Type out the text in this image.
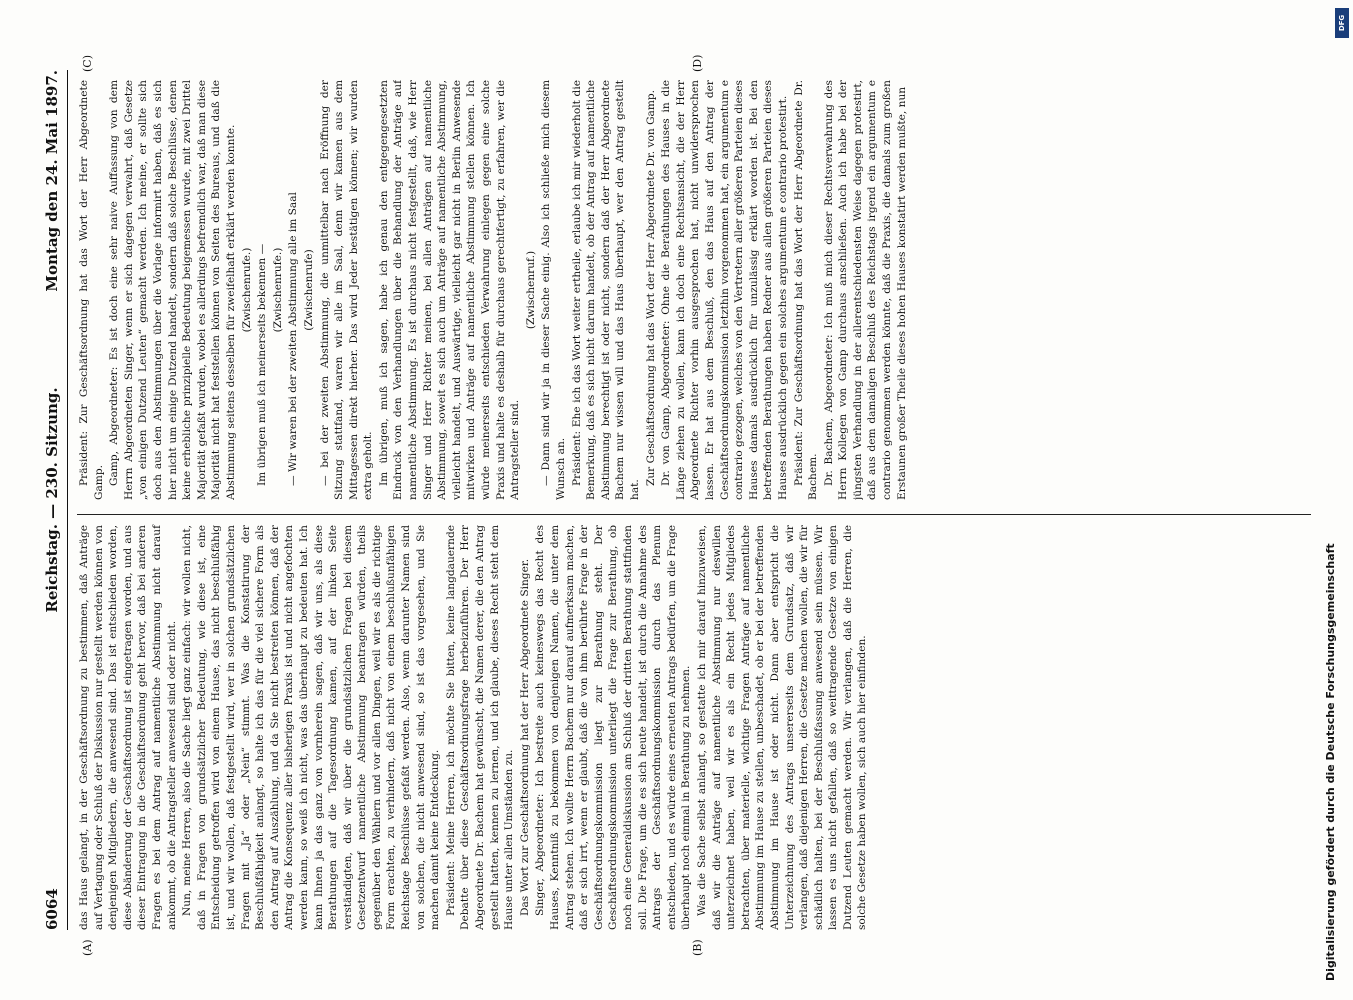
6064
Reichstag. — 230. Sitzung.
Montag den 24. Mai 1897.
(A)	(B)
(C)	(D)

das Haus gelangt, in der Geschäftsordnung zu bestimmen, daß Anträge auf Vertagung oder Schluß der Diskussion nur gestellt werden können von denjenigen Mitgliedern, die anwesend sind. Das ist entschieden worden, diese Abänderung der Geschäftsordnung ist eingetragen worden, und aus dieser Eintragung in die Geschäftsordnung geht hervor, daß bei anderen Fragen es bei dem Antrag auf namentliche Abstimmung nicht darauf ankommt, ob die Antragsteller anwesend sind oder nicht. Nun, meine Herren, also die Sache liegt ganz einfach: wir wollen nicht, daß in Fragen von grundsätzlicher Bedeutung, wie diese ist, eine Entscheidung getroffen wird von einem Hause, das nicht beschlußfähig ist, und wir wollen, daß festgestellt wird, wer in solchen grundsätzlichen Fragen mit „Ja“ oder „Nein“ stimmt. Was die Konstatirung der Beschlußfähigkeit anlangt, so halte ich das für die viel sichere Form als den Antrag auf Auszählung, und da Sie nicht bestreiten können, daß der Antrag die Konsequenz aller bisherigen Praxis ist und nicht angefochten werden kann, so weiß ich nicht, was das überhaupt zu bedeuten hat. Ich kann Ihnen ja das ganz von vornherein sagen, daß wir uns, als diese Berathungen auf die Tagesordnung kamen, auf der linken Seite verständigten, daß wir über die grundsätzlichen Fragen bei diesem Gesetzentwurf namentliche Abstimmung beantragen würden, theils gegenüber den Wählern und vor allen Dingen, weil wir es als die richtige Form erachten, zu verhindern, daß nicht von einem beschlußunfähigen Reichstage Beschlüsse gefaßt werden. Also, wenn darunter Namen sind von solchen, die nicht anwesend sind, so ist das vorgesehen, und Sie machen damit keine Entdeckung. Präsident: Meine Herren, ich möchte Sie bitten, keine langdauernde Debatte über diese Geschäftsordnungsfrage herbeizuführen. Der Herr Abgeordnete Dr. Bachem hat gewünscht, die Namen derer, die den Antrag gestellt hatten, kennen zu lernen, und ich glaube, dieses Recht steht dem Hause unter allen Umständen zu. Das Wort zur Geschäftsordnung hat der Herr Abgeordnete Singer. Singer, Abgeordneter: Ich bestreite auch keineswegs das Recht des Hauses, Kenntniß zu bekommen von denjenigen Namen, die unter dem Antrag stehen. Ich wollte Herrn Bachem nur darauf aufmerksam machen, daß er sich irrt, wenn er glaubt, daß die von ihm berührte Frage in der Geschäftsordnungskommission liegt zur Berathung steht. Der Geschäftsordnungskommission unterliegt die Frage zur Berathung, ob noch eine Generaldiskussion am Schluß der dritten Berathung stattfinden soll. Die Frage, um die es sich heute handelt, ist durch die Annahme des Antrags der Geschäftsordnungskommission durch das Plenum entschieden, und es würde eines erneuten Antrags bedürfen, um die Frage überhaupt noch einmal in Berathung zu nehmen. Was die Sache selbst anlangt, so gestatte ich mir darauf hinzuweisen, daß wir die Anträge auf namentliche Abstimmung nur deswillen unterzeichnet haben, weil wir es als ein Recht jedes Mitgliedes betrachten, über materielle, wichtige Fragen Anträge auf namentliche Abstimmung im Hause zu stellen, unbeschadet, ob er bei der betreffenden Abstimmung im Hause ist oder nicht. Dann aber entspricht die Unterzeichnung des Antrags unsererseits dem Grundsatz, daß wir verlangen, daß diejenigen Herren, die Gesetze machen wollen, die wir für schädlich halten, bei der Beschlußfassung anwesend sein müssen. Wir lassen es uns nicht gefallen, daß so weittragende Gesetze von einigen Dutzend Leuten gemacht werden. Wir verlangen, daß die Herren, die solche Gesetze haben wollen, sich auch hier einfinden.

Präsident: Zur Geschäftsordnung hat das Wort der Herr Abgeordnete Gamp. Gamp, Abgeordneter: Es ist doch eine sehr naive Auffassung von dem Herrn Abgeordneten Singer, wenn er sich dagegen verwahrt, daß Gesetze „von einigen Dutzend Leuten“ gemacht werden. Ich meine, er sollte sich doch aus den Abstimmungen über die Vorlage informirt haben, daß es sich hier nicht um einige Dutzend handelt, sondern daß solche Beschlüsse, denen keine erhebliche prinzipielle Bedeutung beigemessen wurde, mit zwei Drittel Majorität gefaßt wurden, wobei es allerdings befremdlich war, daß man diese Majorität nicht hat feststellen können von Seiten des Bureaus, und daß die Abstimmung seitens desselben für zweifelhaft erklärt werden konnte. (Zwischenrufe.) Im übrigen muß ich meinerseits bekennen — (Zwischenrufe.) — Wir waren bei der zweiten Abstimmung alle im Saal (Zwischenrufe) — bei der zweiten Abstimmung, die unmittelbar nach Eröffnung der Sitzung stattfand, waren wir alle im Saal, denn wir kamen aus dem Mittagessen direkt hierher. Das wird Jeder bestätigen können; wir wurden extra geholt. Im übrigen, muß ich sagen, habe ich genau den entgegengesetzten Eindruck von den Verhandlungen über die Behandlung der Anträge auf namentliche Abstimmung. Es ist durchaus nicht festgestellt, daß, wie Herr Singer und Herr Richter meinen, bei allen Anträgen auf namentliche Abstimmung, soweit es sich auch um Anträge auf namentliche Abstimmung, vielleicht handelt, und Auswärtige, vielleicht gar nicht in Berlin Anwesende mitwirken und Anträge auf namentliche Abstimmung stellen können. Ich würde meinerseits entschieden Verwahrung einlegen gegen eine solche Praxis und halte es deshalb für durchaus gerechtfertigt, zu erfahren, wer die Antragsteller sind.

(Zwischenruf.) — Dann sind wir ja in dieser Sache einig. Also ich schließe mich diesem Wunsch an. Präsident: Ehe ich das Wort weiter ertheile, erlaube ich mir wiederholt die Bemerkung, daß es sich nicht darum handelt, ob der Antrag auf namentliche Abstimmung berechtigt ist oder nicht, sondern daß der Herr Abgeordnete Bachem nur wissen will und das Haus überhaupt, wer den Antrag gestellt hat.

Zur Geschäftsordnung hat das Wort der Herr Abgeordnete Dr. von Gamp. Dr. von Gamp, Abgeordneter: Ohne die Berathungen des Hauses in die Länge ziehen zu wollen, kann ich doch eine Rechtsansicht, die der Herr Abgeordnete Richter vorhin ausgesprochen hat, nicht unwidersprochen lassen. Er hat aus dem Beschluß, den das Haus auf den Antrag der Geschäftsordnungskommission letzthin vorgenommen hat, ein argumentum e contrario gezogen, welches von den Vertretern aller größeren Parteien dieses Hauses damals ausdrücklich für unzulässig erklärt worden ist. Bei den betreffenden Berathungen haben Redner aus allen größeren Parteien dieses Hauses ausdrücklich gegen ein solches argumentum e contrario protestirt. Präsident: Zur Geschäftsordnung hat das Wort der Herr Abgeordnete Dr. Bachem. Dr. Bachem, Abgeordneter: Ich muß mich dieser Rechtsverwahrung des Herrn Kollegen von Gamp durchaus anschließen. Auch ich habe bei der jüngsten Verhandlung in der allerentschiedensten Weise dagegen protestirt, daß aus dem damaligen Beschluß des Reichstags irgend ein argumentum e contrario genommen werden könnte, daß die Praxis, die damals zum großen Erstaunen großer Theile dieses hohen Hauses konstatirt werden mußte, nun

Digitalisierung gefördert durch die Deutsche Forschungsgemeinschaft
DFG
